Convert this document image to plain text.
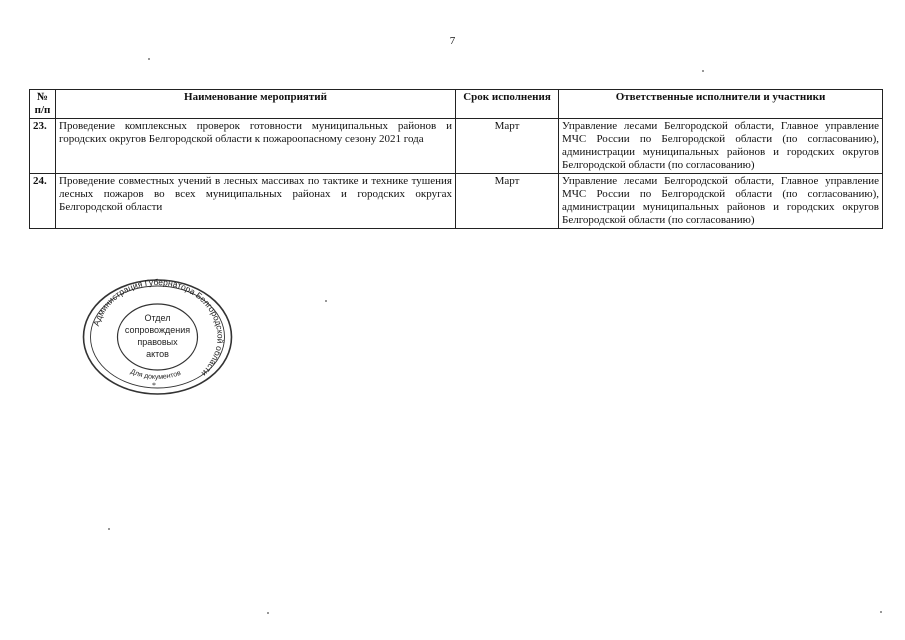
7
№ п/п	Наименование мероприятий	Срок исполнения	Ответственные исполнители и участники
23.	Проведение комплексных проверок готовности муниципальных районов и городских округов Белгородской области к пожароопасному сезону 2021 года	Март	Управление лесами Белгородской области, Главное управление МЧС России по Белгородской области (по согласованию), администрации муниципальных районов и городских округов Белгородской области (по согласованию)
24.	Проведение совместных учений в лесных массивах по тактике и технике тушения лесных пожаров во всех муниципальных районах и городских округах Белгородской области	Март	Управление лесами Белгородской области, Главное управление МЧС России по Белгородской области (по согласованию), администрации муниципальных районов и городских округов Белгородской области (по согласованию)
Администрация Губернатора Белгородской области
Для документов
Отдел
сопровождения
правовых
актов
*
